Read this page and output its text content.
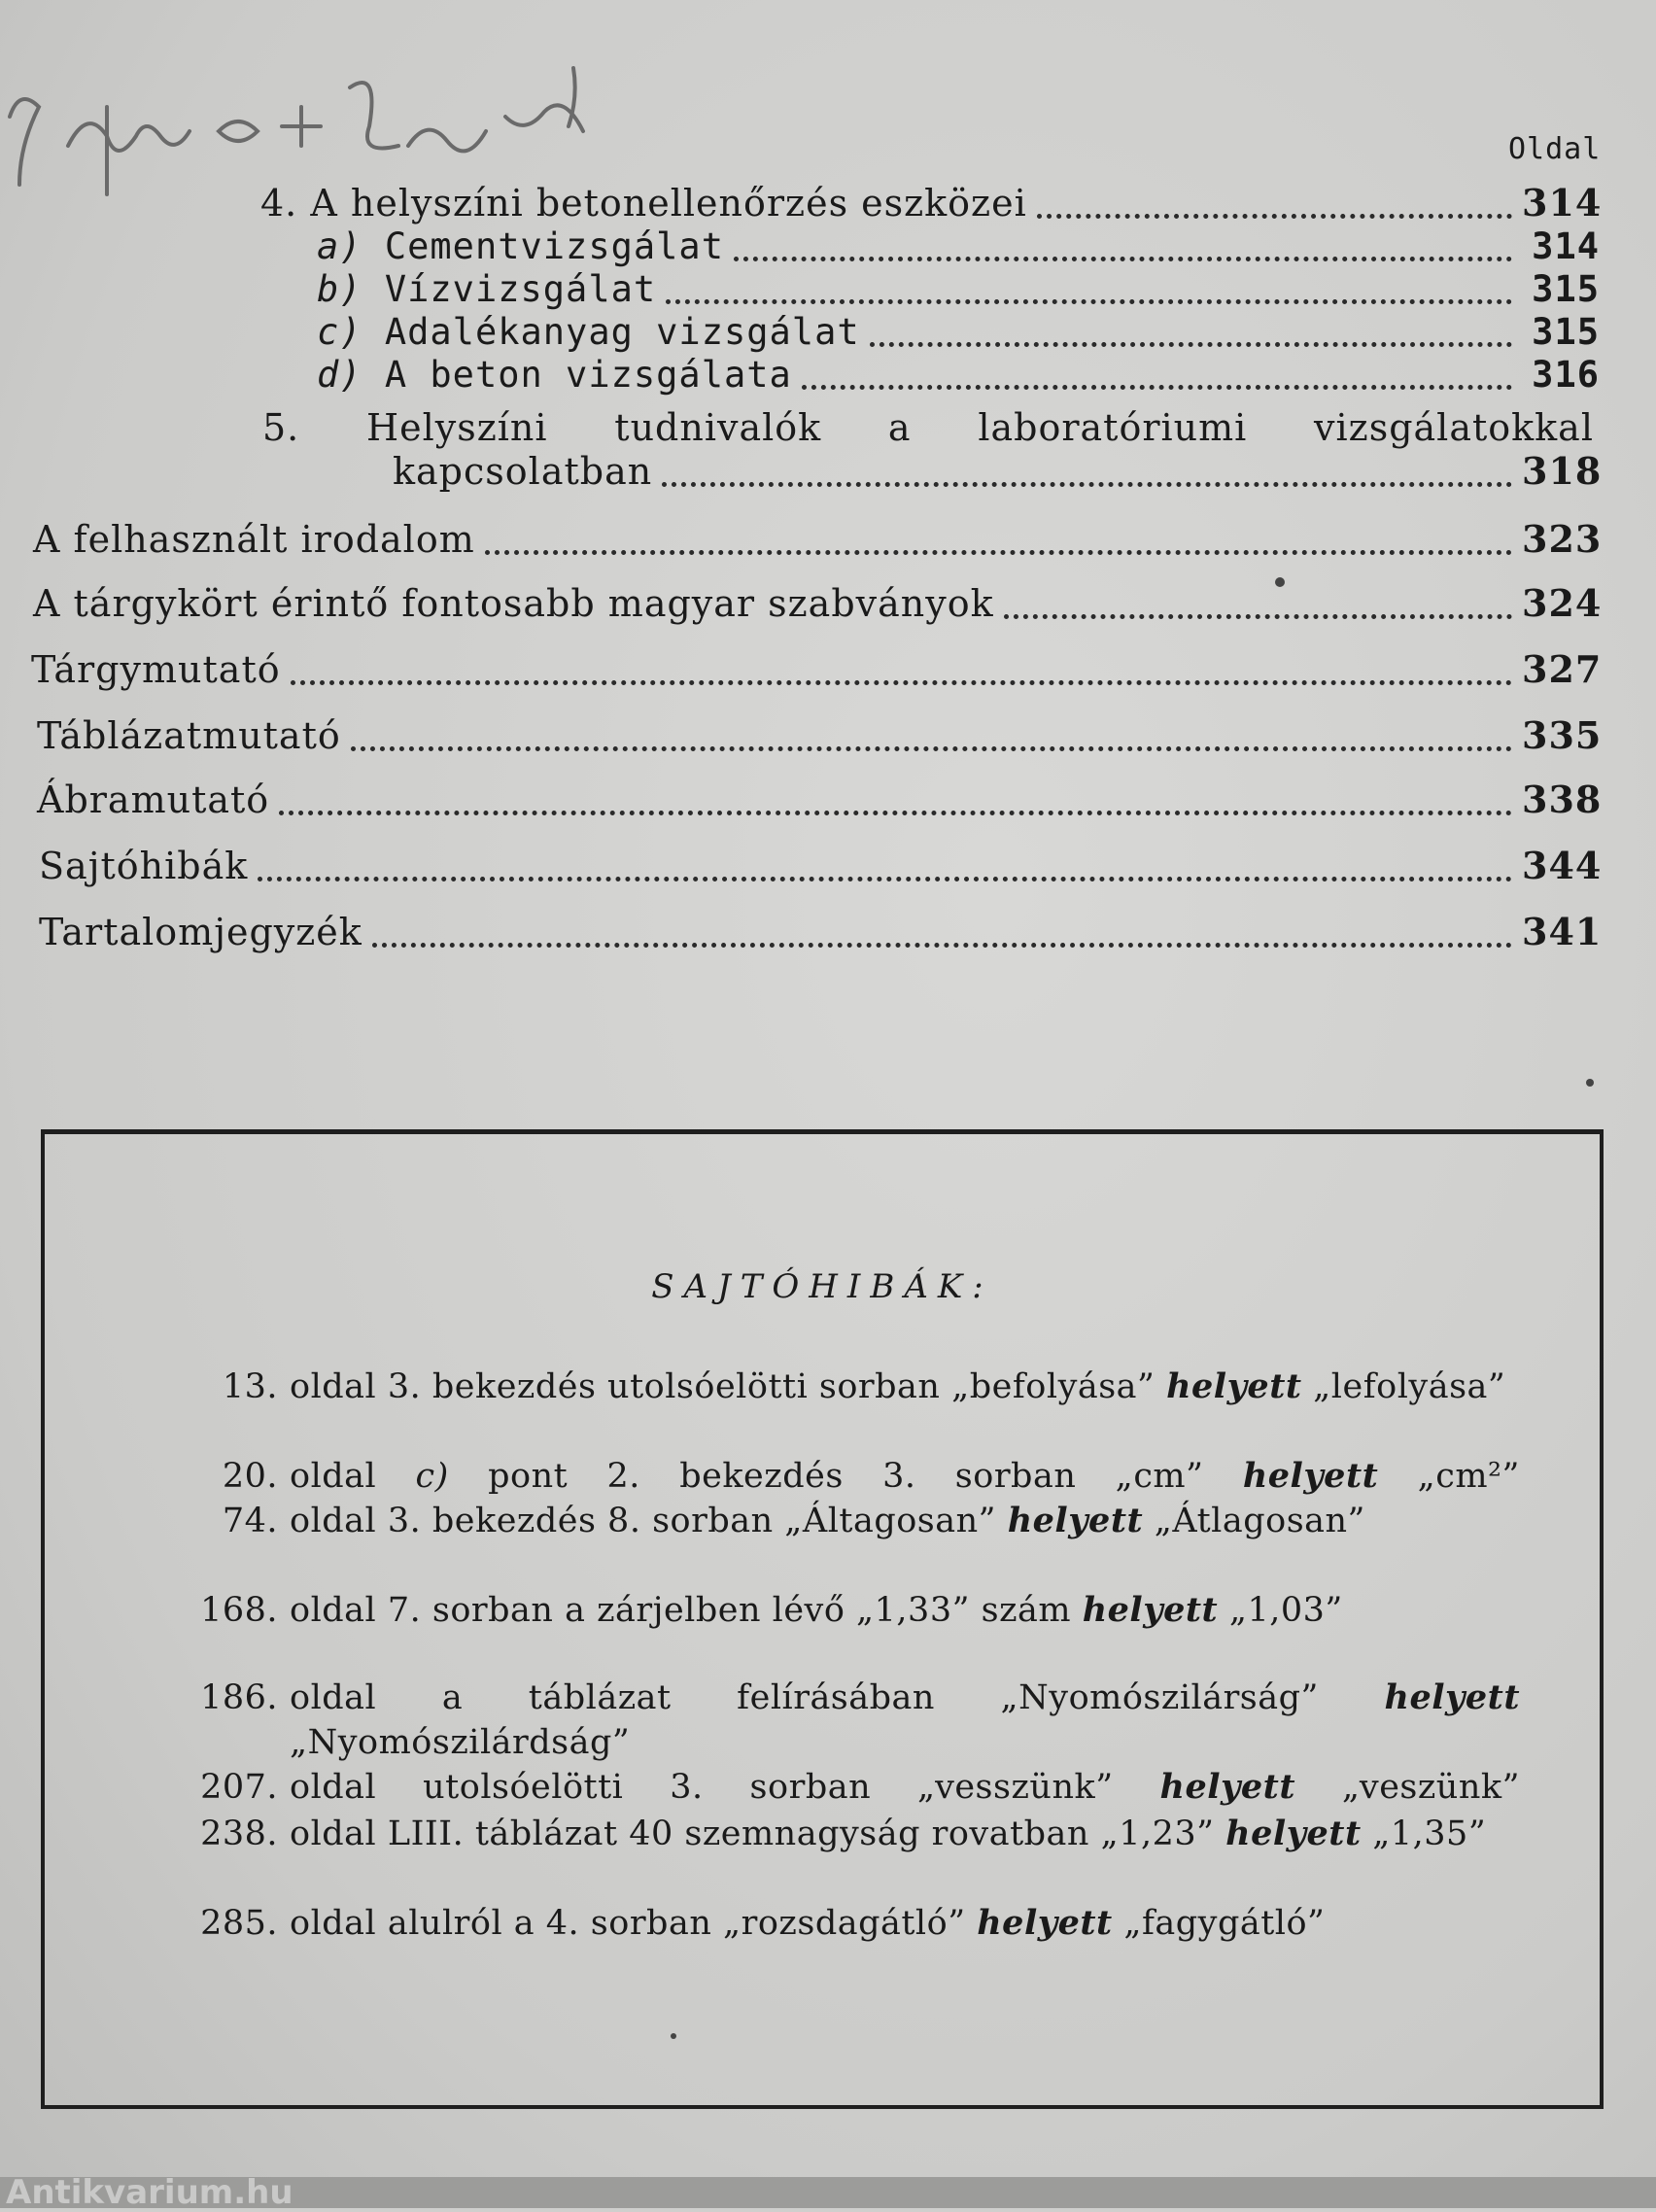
puha + kenés
Oldal
4. A helyszíni betonellenőrzés eszközei	314
a) Cementvizsgálat	314
b) Vízvizsgálat	315
c) Adalékanyag vizsgálat	315
d) A beton vizsgálata	316
5. Helyszíni tudnivalók a laboratóriumi vizsgálatokkal
kapcsolatban	318
A felhasznált irodalom	323
A tárgykört érintő fontosabb magyar szabványok	324
Tárgymutató	327
Táblázatmutató	335
Ábramutató	338
Sajtóhibák	344
Tartalomjegyzék	341
SAJTÓHIBÁK:
13. oldal 3. bekezdés utolsóelötti sorban „befolyása” helyett „lefolyása”
20. oldal c) pont 2. bekezdés 3. sorban „cm” helyett „cm²”
74. oldal 3. bekezdés 8. sorban „Áltagosan” helyett „Átlagosan”
168. oldal 7. sorban a zárjelben lévő „1,33” szám helyett „1,03”
186. oldal a táblázat felírásában „Nyomószilárság” helyett „Nyomószilárdság”
207. oldal utolsóelötti 3. sorban „vesszünk” helyett „veszünk”
238. oldal LIII. táblázat 40 szemnagyság rovatban „1,23” helyett „1,35”
285. oldal alulról a 4. sorban „rozsdagátló” helyett „fagygátló”
Antikvarium.hu
